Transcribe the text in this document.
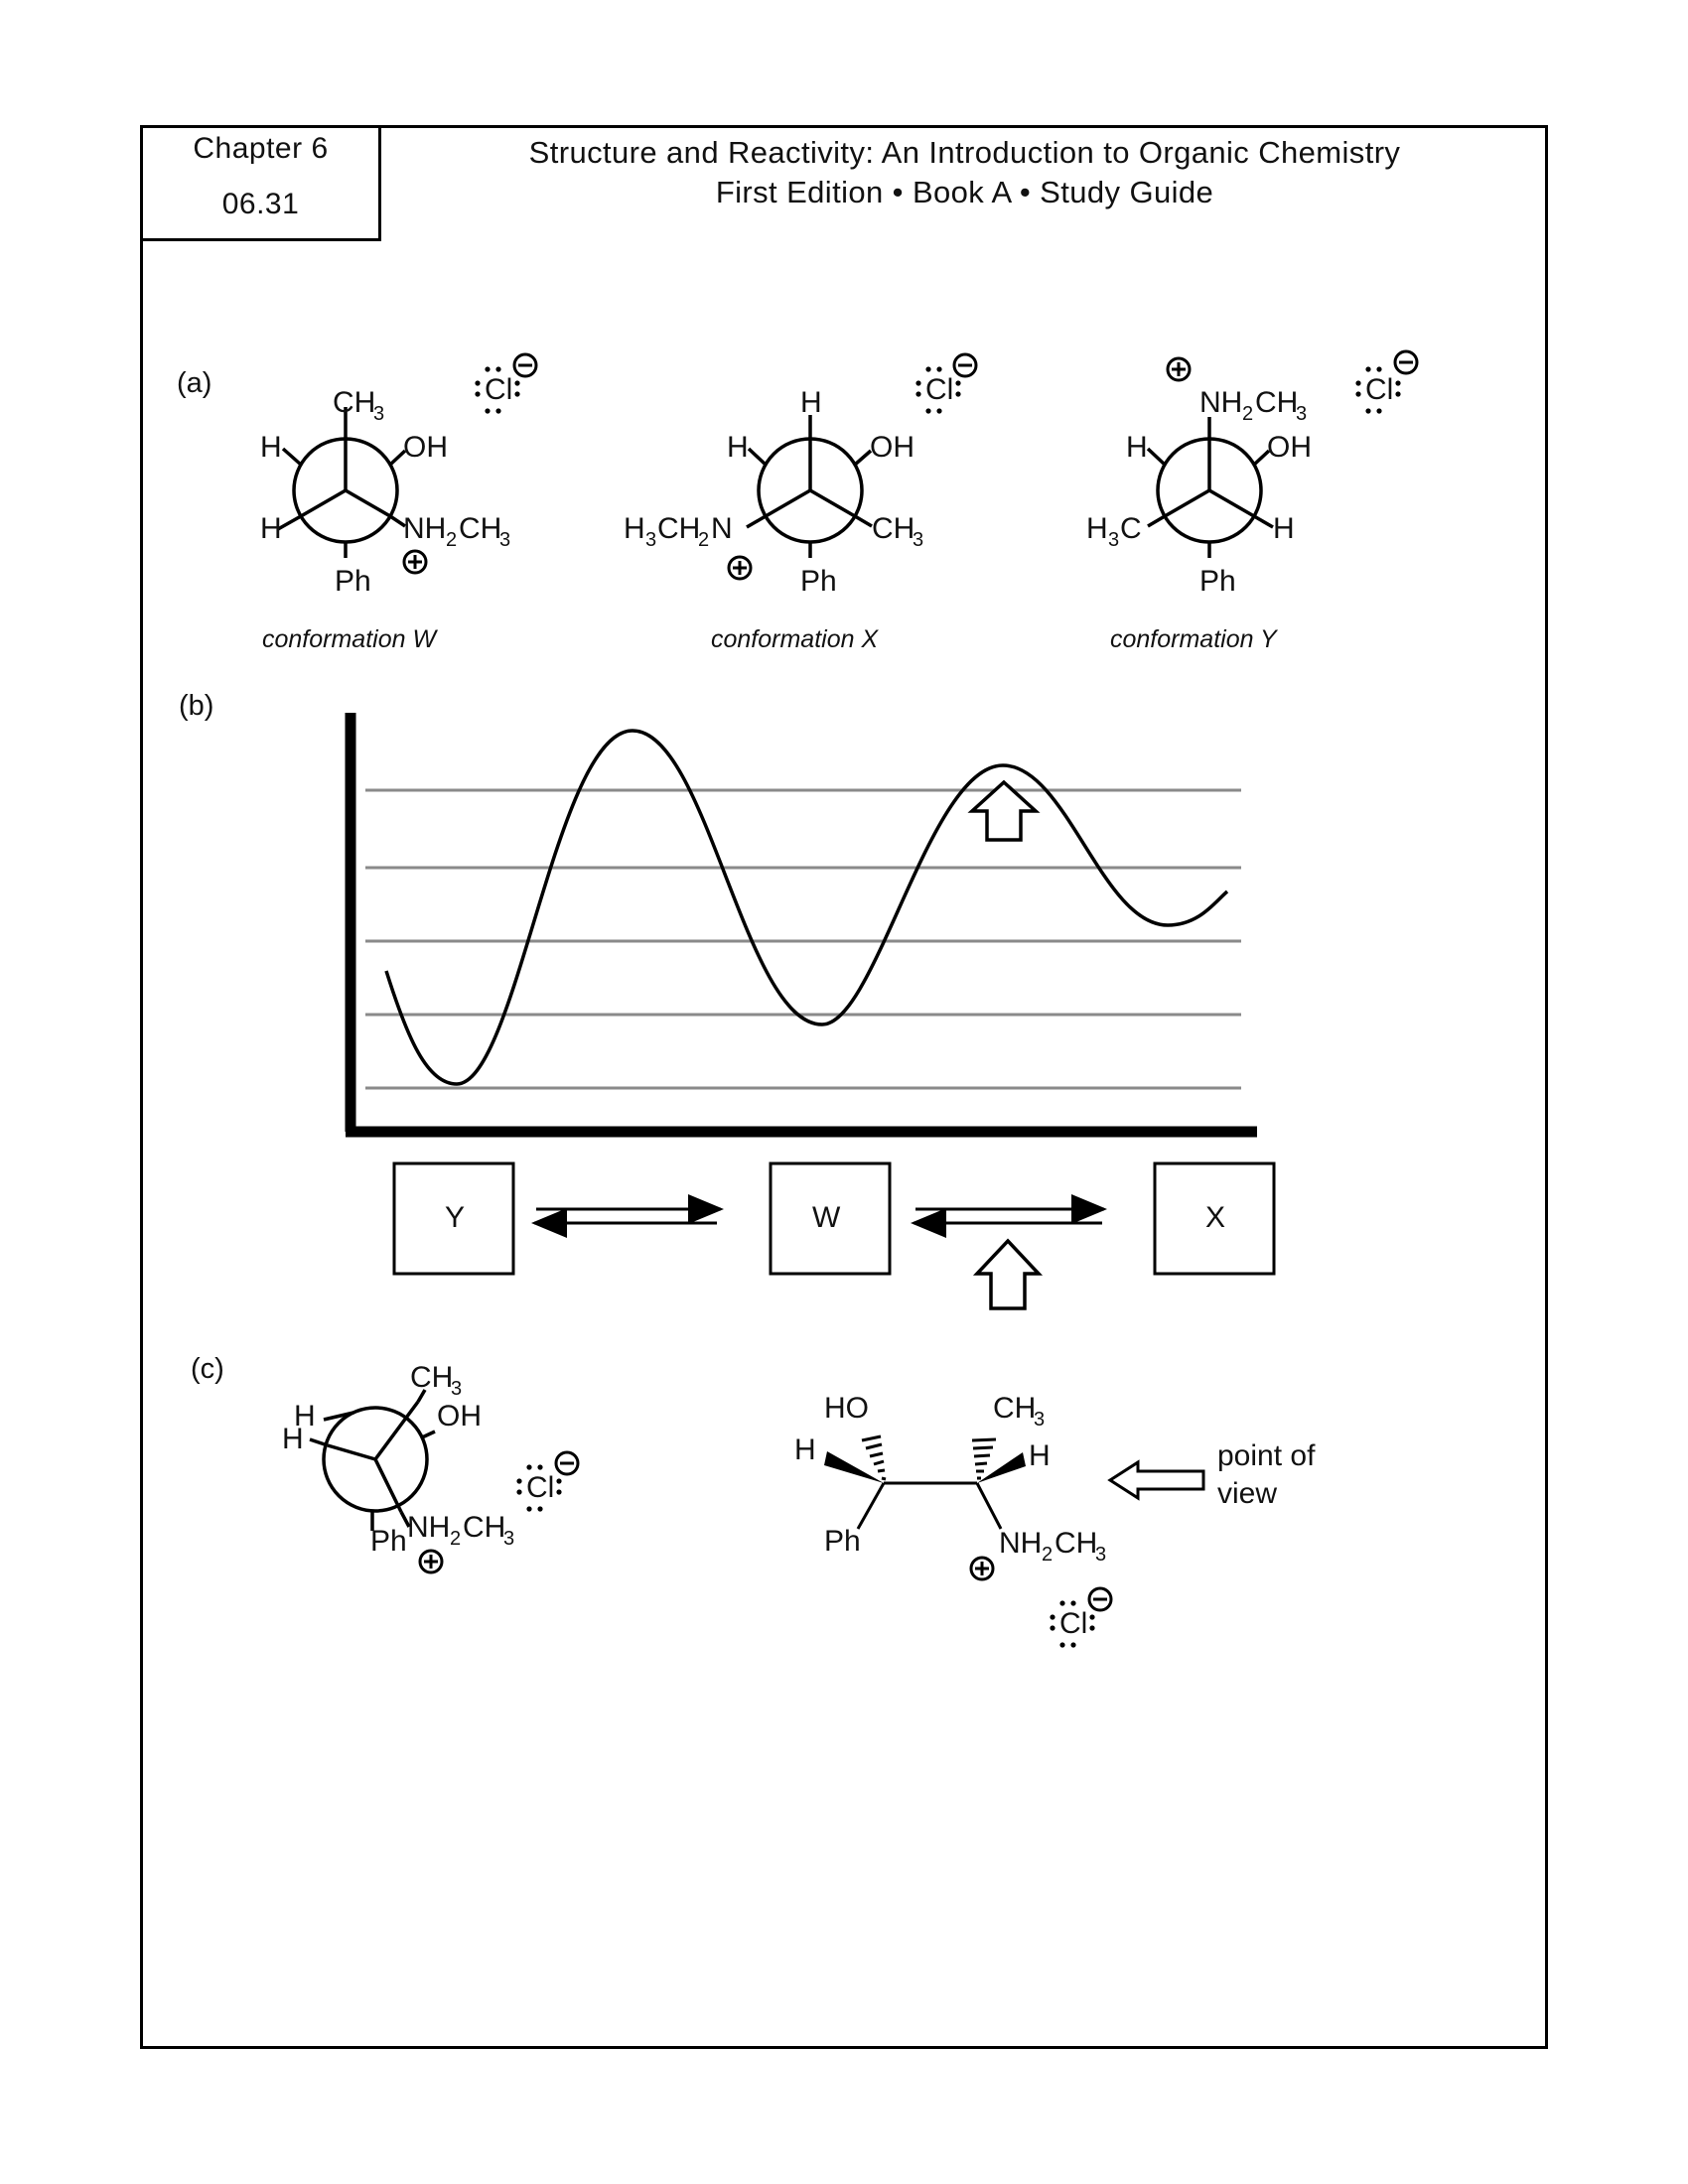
Chapter 6
06.31
Structure and Reactivity: An Introduction to Organic Chemistry
First Edition • Book A • Study Guide
(a)
CH
3
H	OH
H	NH 2 CH
3
Ph
Cl
conformation W
H
H	OH
H 3 CH
2 N	CH
3
Ph
Cl
conformation X
NH 2 CH
3
H	OH
H 3 C	H
Ph
Cl
conformation Y
(b)
Y	W	X
(c)	CH
3
H
H
OH
Ph NH 2 CH
3
Cl
HO
H
Ph
CH
3
H
NH 2 CH
3
Cl
point of
view
